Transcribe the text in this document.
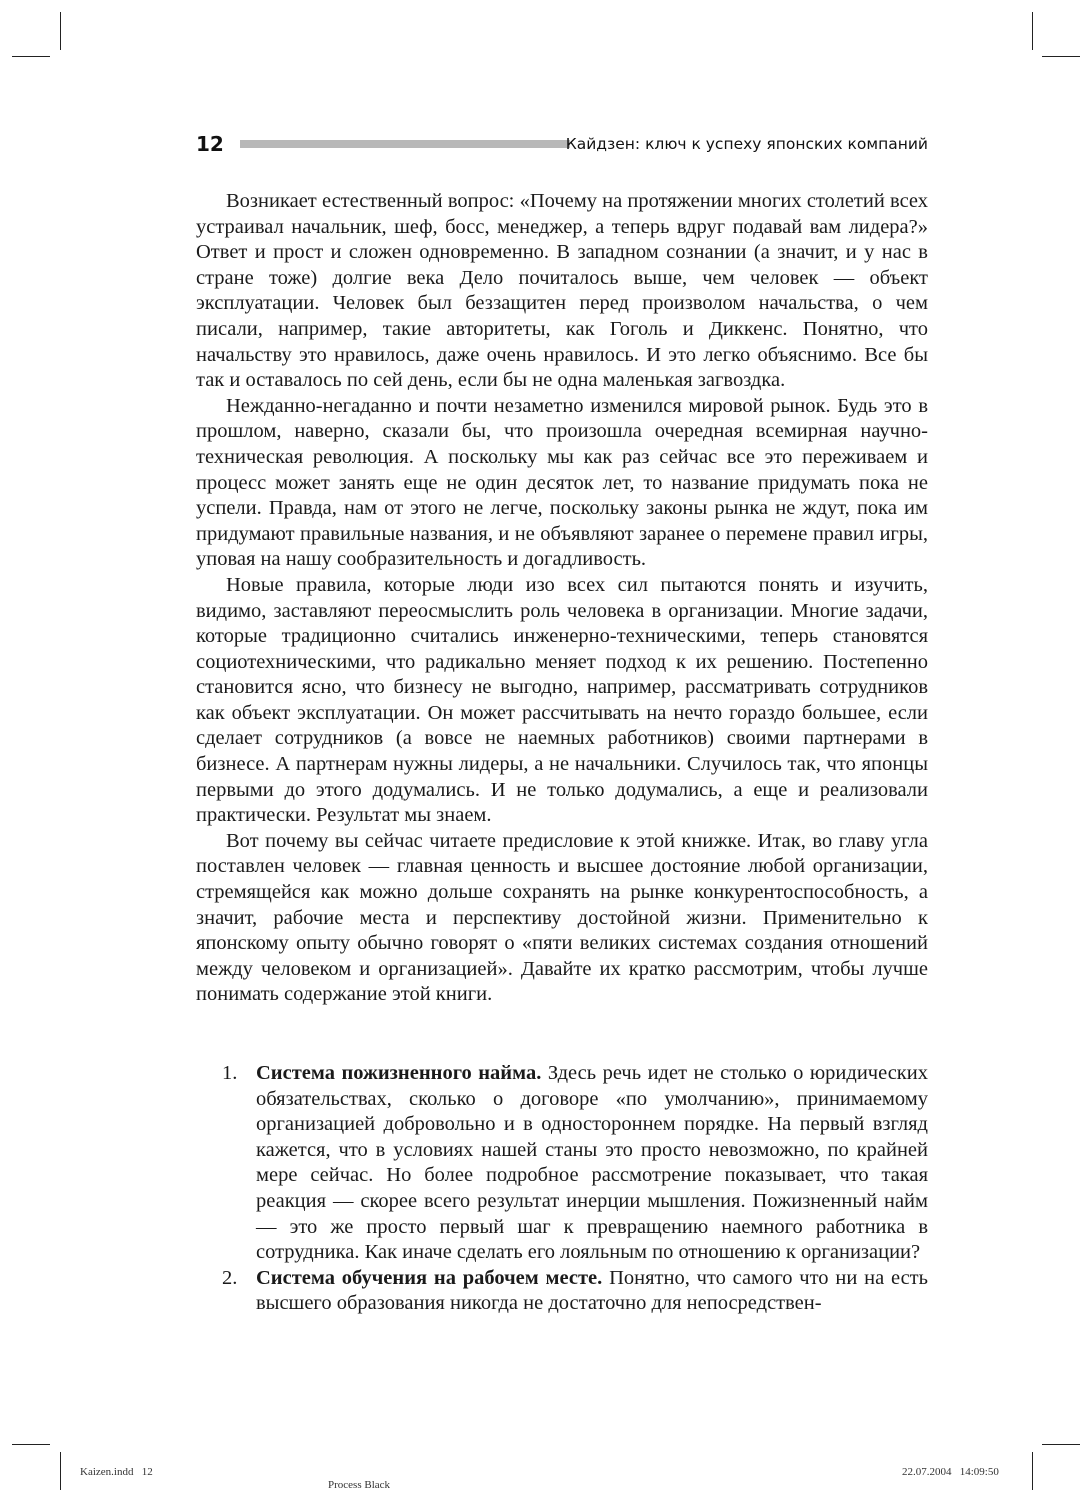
12	Кайдзен: ключ к успеху японских компаний

Возникает естественный вопрос: «Почему на протяжении многих столетий всех устраивал начальник, шеф, босс, менеджер, а теперь вдруг подавай вам лидера?» Ответ и прост и сложен одновременно. В западном сознании (а значит, и у нас в стране тоже) долгие века Дело почиталось выше, чем человек — объект эксплуатации. Человек был беззащитен перед произволом начальства, о чем писали, например, такие авторитеты, как Гоголь и Диккенс. Понятно, что начальству это нравилось, даже очень нравилось. И это легко объяснимо. Все бы так и оставалось по сей день, если бы не одна маленькая загвоздка.

Нежданно-негаданно и почти незаметно изменился мировой рынок. Будь это в прошлом, наверно, сказали бы, что произошла очередная всемирная научно-техническая революция. А поскольку мы как раз сейчас все это переживаем и процесс может занять еще не один десяток лет, то название придумать пока не успели. Правда, нам от этого не легче, поскольку законы рынка не ждут, пока им придумают правильные названия, и не объявляют заранее о перемене правил игры, уповая на нашу сообразительность и догадливость.

Новые правила, которые люди изо всех сил пытаются понять и изучить, видимо, заставляют переосмыслить роль человека в организации. Многие задачи, которые традиционно считались инженерно-техническими, теперь становятся социотехническими, что радикально меняет подход к их решению. Постепенно становится ясно, что бизнесу не выгодно, например, рассматривать сотрудников как объект эксплуатации. Он может рассчитывать на нечто гораздо большее, если сделает сотрудников (а вовсе не наемных работников) своими партнерами в бизнесе. А партнерам нужны лидеры, а не начальники. Случилось так, что японцы первыми до этого додумались. И не только додумались, а еще и реализовали практически. Результат мы знаем.

Вот почему вы сейчас читаете предисловие к этой книжке. Итак, во главу угла поставлен человек — главная ценность и высшее достояние любой организации, стремящейся как можно дольше сохранять на рынке конкурентоспособность, а значит, рабочие места и перспективу достойной жизни. Применительно к японскому опыту обычно говорят о «пяти великих системах создания отношений между человеком и организацией». Давайте их кратко рассмотрим, чтобы лучше понимать содержание этой книги.

1. Система пожизненного найма. Здесь речь идет не столько о юридических обязательствах, сколько о договоре «по умолчанию», принимаемому организацией добровольно и в одностороннем порядке. На первый взгляд кажется, что в условиях нашей станы это просто невозможно, по крайней мере сейчас. Но более подробное рассмотрение показывает, что такая реакция — скорее всего результат инерции мышления. Пожизненный найм — это же просто первый шаг к превращению наемного работника в сотрудника. Как иначе сделать его лояльным по отношению к организации?
2. Система обучения на рабочем месте. Понятно, что самого что ни на есть высшего образования никогда не достаточно для непосредствен-
Kaizen.indd   12
Process Black
22.07.2004   14:09:50
